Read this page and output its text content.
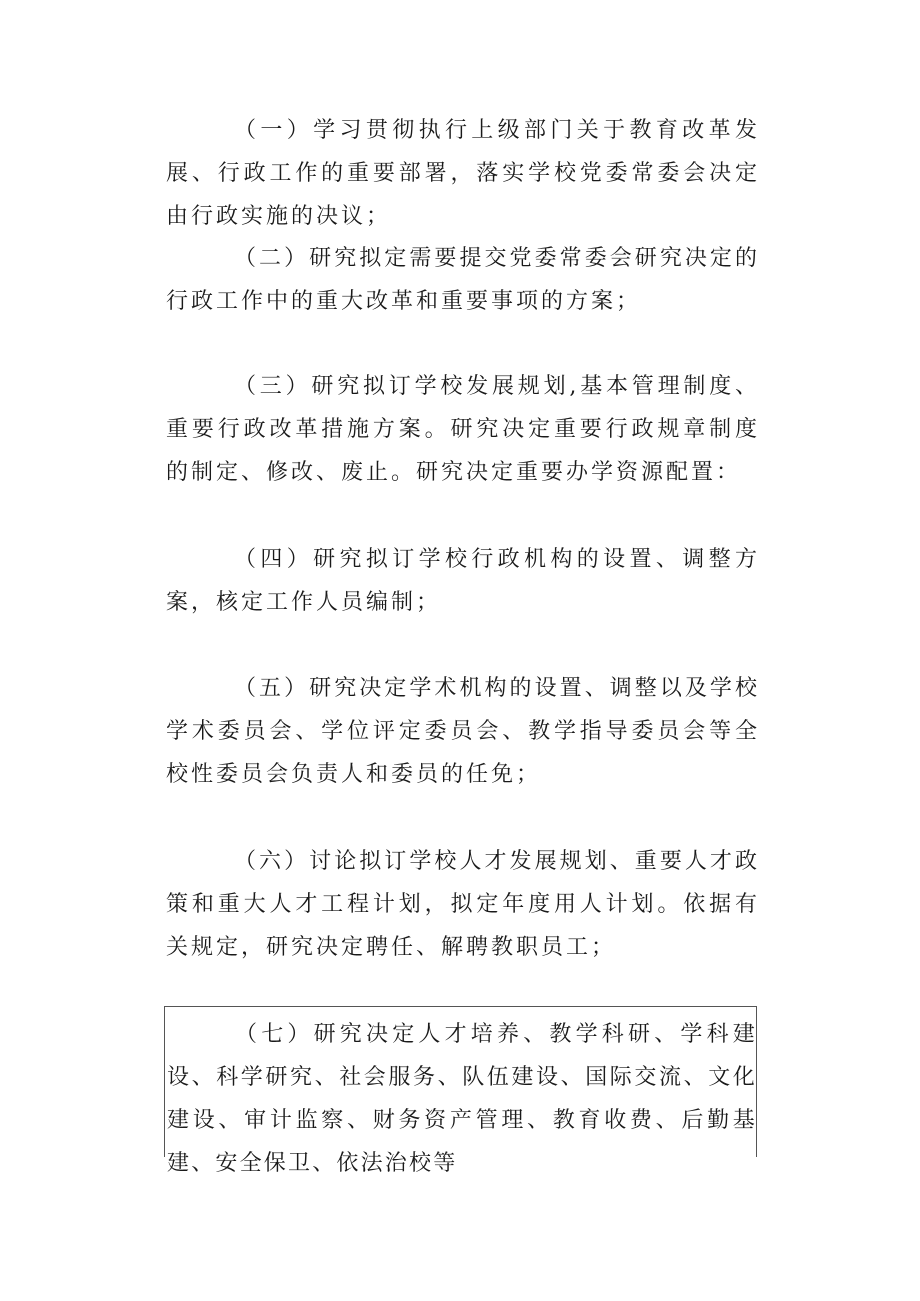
（一）学习贯彻执行上级部门关于教育改革发展、行政工作的重要部署，落实学校党委常委会决定由行政实施的决议；

（二）研究拟定需要提交党委常委会研究决定的行政工作中的重大改革和重要事项的方案；

（三）研究拟订学校发展规划,基本管理制度、重要行政改革措施方案。研究决定重要行政规章制度的制定、修改、废止。研究决定重要办学资源配置：

（四）研究拟订学校行政机构的设置、调整方案，核定工作人员编制；

（五）研究决定学术机构的设置、调整以及学校学术委员会、学位评定委员会、教学指导委员会等全校性委员会负责人和委员的任免；

（六）讨论拟订学校人才发展规划、重要人才政策和重大人才工程计划，拟定年度用人计划。依据有关规定，研究决定聘任、解聘教职员工；

（七）研究决定人才培养、教学科研、学科建设、科学研究、社会服务、队伍建设、国际交流、文化建设、审计监察、财务资产管理、教育收费、后勤基建、安全保卫、依法治校等
